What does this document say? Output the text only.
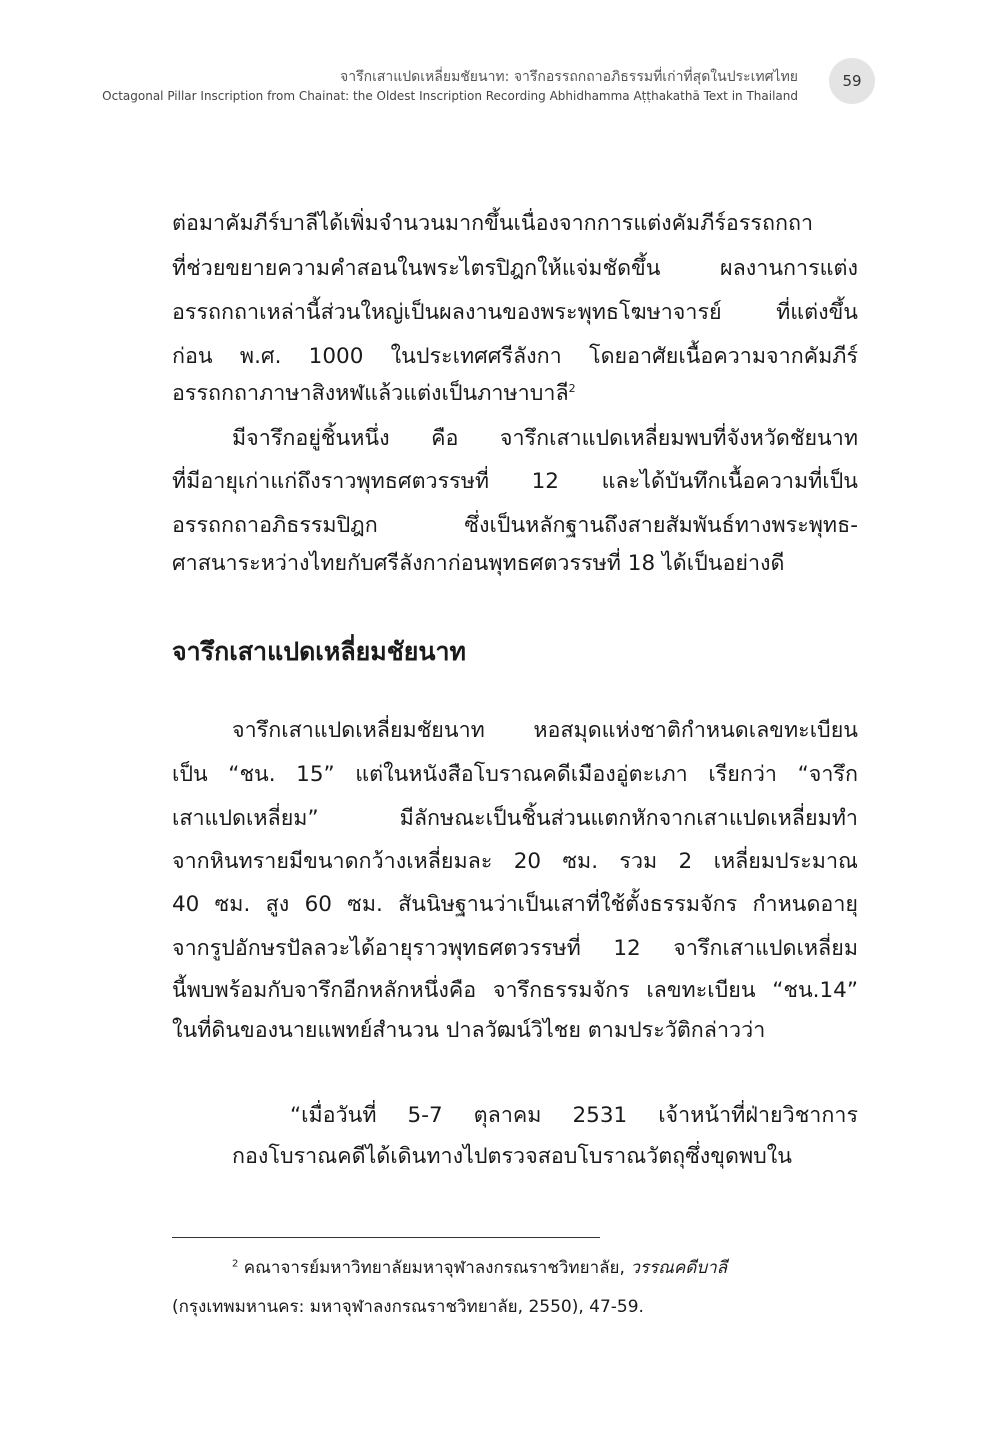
จารึกเสาแปดเหลี่ยมชัยนาท: จารึกอรรถกถาอภิธรรมที่เก่าที่สุดในประเทศไทย
Octagonal Pillar Inscription from Chainat: the Oldest Inscription Recording Abhidhamma Aṭṭhakathā Text in Thailand
59
ต่อมาคัมภีร์บาลีได้เพิ่มจำนวนมากขึ้นเนื่องจากการแต่งคัมภีร์อรรถกถา
ที่ช่วยขยายความคำสอนในพระไตรปิฎกให้แจ่มชัดขึ้น ผลงานการแต่ง
อรรถกถาเหล่านี้ส่วนใหญ่เป็นผลงานของพระพุทธโฆษาจารย์ ที่แต่งขึ้น
ก่อน พ.ศ. 1000 ในประเทศศรีลังกา โดยอาศัยเนื้อความจากคัมภีร์
อรรถกถาภาษาสิงหฬแล้วแต่งเป็นภาษาบาลี$^2$
มีจารึกอยู่ชิ้นหนึ่ง คือ จารึกเสาแปดเหลี่ยมพบที่จังหวัดชัยนาท
ที่มีอายุเก่าแก่ถึงราวพุทธศตวรรษที่ 12 และได้บันทึกเนื้อความที่เป็น
อรรถกถาอภิธรรมปิฎก ซึ่งเป็นหลักฐานถึงสายสัมพันธ์ทางพระพุทธ-
ศาสนาระหว่างไทยกับศรีลังกาก่อนพุทธศตวรรษที่ 18 ได้เป็นอย่างดี
จารึกเสาแปดเหลี่ยมชัยนาท
จารึกเสาแปดเหลี่ยมชัยนาท หอสมุดแห่งชาติกำหนดเลขทะเบียน
เป็น “ชน. 15” แต่ในหนังสือโบราณคดีเมืองอู่ตะเภา เรียกว่า “จารึก
เสาแปดเหลี่ยม” มีลักษณะเป็นชิ้นส่วนแตกหักจากเสาแปดเหลี่ยมทำ
จากหินทรายมีขนาดกว้างเหลี่ยมละ 20 ซม. รวม 2 เหลี่ยมประมาณ
40 ซม. สูง 60 ซม. สันนิษฐานว่าเป็นเสาที่ใช้ตั้งธรรมจักร กำหนดอายุ
จากรูปอักษรปัลลวะได้อายุราวพุทธศตวรรษที่ 12 จารึกเสาแปดเหลี่ยม
นี้พบพร้อมกับจารึกอีกหลักหนึ่งคือ จารึกธรรมจักร เลขทะเบียน “ชน.14”
ในที่ดินของนายแพทย์สำนวน ปาลวัฒน์วิไชย ตามประวัติกล่าวว่า
“เมื่อวันที่ 5-7 ตุลาคม 2531 เจ้าหน้าที่ฝ่ายวิชาการ
กองโบราณคดีได้เดินทางไปตรวจสอบโบราณวัตถุซึ่งขุดพบใน
$^2$ คณาจารย์มหาวิทยาลัยมหาจุฬาลงกรณราชวิทยาลัย, วรรณคดีบาลี
(กรุงเทพมหานคร: มหาจุฬาลงกรณราชวิทยาลัย, 2550), 47-59.
